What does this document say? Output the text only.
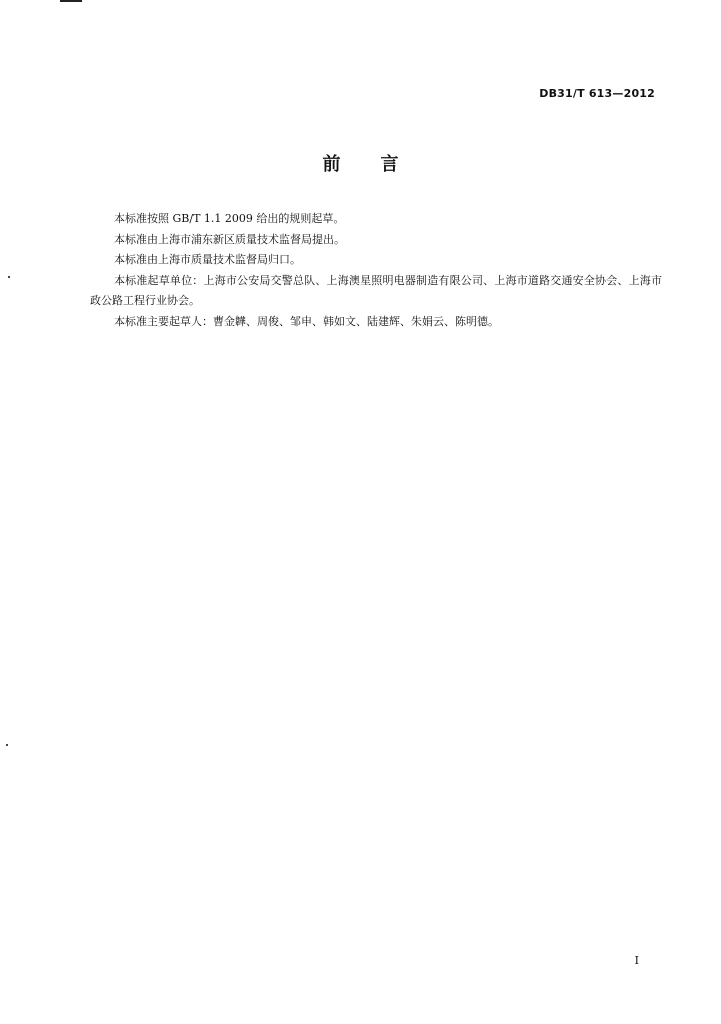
DB31/T 613—2012
前 言

本标准按照 GB/T 1.1 2009 给出的规则起草。

本标准由上海市浦东新区质量技术监督局提出。

本标准由上海市质量技术监督局归口。

本标准起草单位：上海市公安局交警总队、上海澳星照明电器制造有限公司、上海市道路交通安全协会、上海市政公路工程行业协会。

本标准主要起草人：曹金韡、周俊、邹申、韩如文、陆建辉、朱娟云、陈明德。

I
